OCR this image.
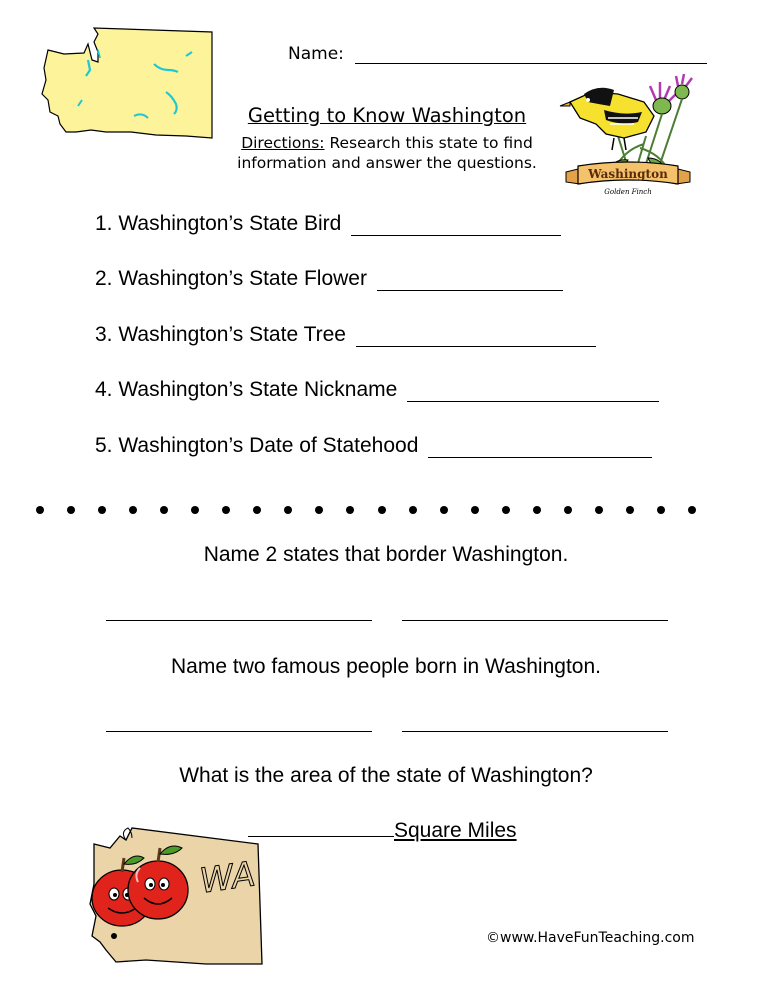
Name:
Getting to Know Washington
Directions: Research this state to find information and answer the questions.
Washington
Golden Finch
1. Washington’s State Bird
2. Washington’s State Flower
3. Washington’s State Tree
4. Washington’s State Nickname
5. Washington’s Date of Statehood
Name 2 states that border Washington.
Name two famous people born in Washington.
What is the area of the state of Washington?
Square Miles
WA
©www.HaveFunTeaching.com
